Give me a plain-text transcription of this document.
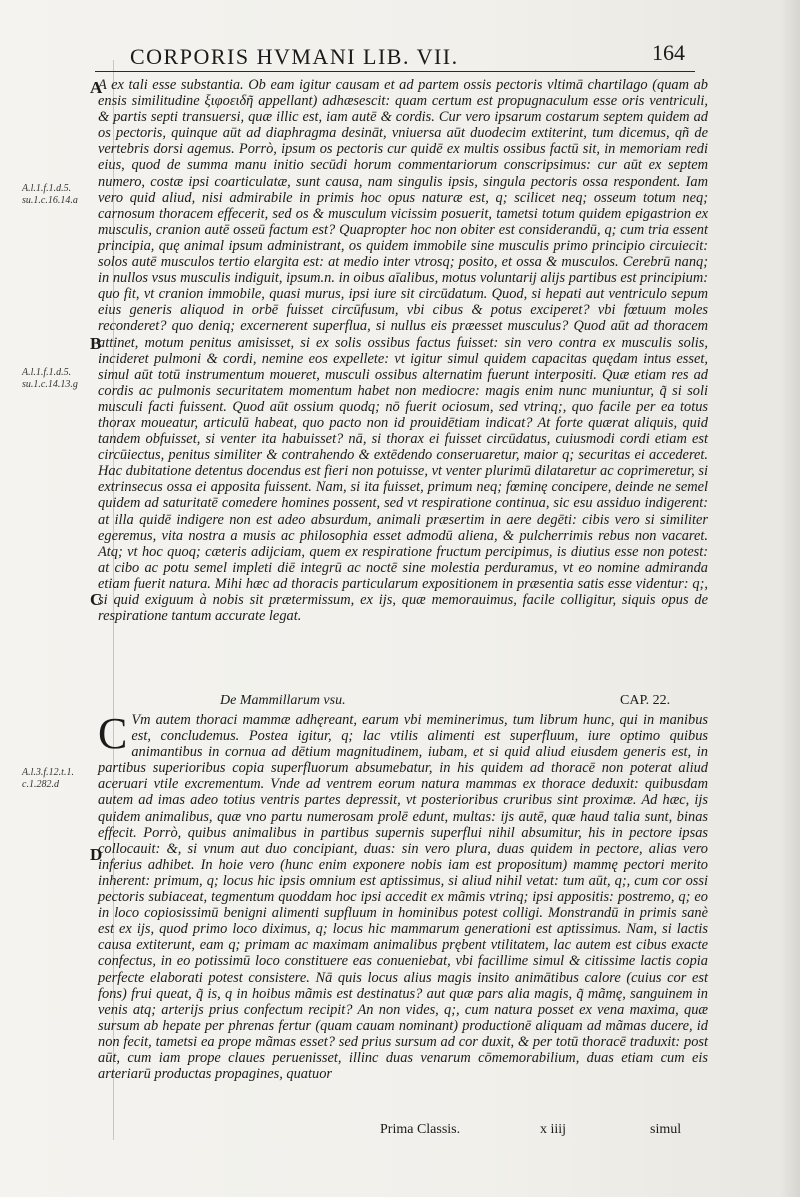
CORPORIS HVMANI LIB. VII.	164
A
B
C
D
A.l.1.f.1.d.5. su.1.c.16.14.a
A.l.1.f.1.d.5. su.1.c.14.13.g
A.l.3.f.12.t.1. c.1.282.d

A ex tali esse substantia. Ob eam igitur causam et ad partem ossis pectoris vltimā chartilago (quam ab ensis similitudine ξιφοειδῆ appellant) adhæsescit: quam certum est propugnaculum esse oris ventriculi, & partis septi transuersi, quæ illic est, iam autē & cordis. Cur vero ipsarum costarum septem quidem ad os pectoris, quinque aūt ad diaphragma desināt, vniuersa aūt duodecim extiterint, tum dicemus, qñ de vertebris dorsi agemus. Porrò, ipsum os pectoris cur quidē ex multis ossibus factū sit, in memoriam redi eius, quod de summa manu initio secūdi horum commentariorum conscripsimus: cur aūt ex septem numero, costæ ipsi coarticulatæ, sunt causa, nam singulis ipsis, singula pectoris ossa respondent. Iam vero quid aliud, nisi admirabile in primis hoc opus naturæ est, q; scilicet neq; osseum totum neq; carnosum thoracem effecerit, sed os & musculum vicissim posuerit, tametsi totum quidem epigastrion ex musculis, cranion autē osseū factum est? Quapropter hoc non obiter est considerandū, q; cum tria essent principia, quę animal ipsum administrant, os quidem immobile sine musculis primo principio circuiecit: solos autē musculos tertio elargita est: at medio inter vtrosq; posito, et ossa & musculos. Cerebrū nanq; in nullos vsus musculis indiguit, ipsum.n. in oibus aīalibus, motus voluntarij alijs partibus est principium: quo fit, vt cranion immobile, quasi murus, ipsi iure sit circūdatum. Quod, si hepati aut ventriculo sepum eius generis aliquod in orbē fuisset circūfusum, vbi cibus & potus exciperet? vbi fœtuum moles reconderet? quo deniq; excernerent superflua, si nullus eis præesset musculus? Quod aūt ad thoracem attinet, motum penitus amisisset, si ex solis ossibus factus fuisset: sin vero contra ex musculis solis, incideret pulmoni & cordi, nemine eos expellete: vt igitur simul quidem capacitas quędam intus esset, simul aūt totū instrumentum moueret, musculi ossibus alternatim fuerunt interpositi. Quæ etiam res ad cordis ac pulmonis securitatem momentum habet non mediocre: magis enim nunc muniuntur, q̃ si soli musculi facti fuissent. Quod aūt ossium quodq; nō fuerit ociosum, sed vtrinq;, quo facile per ea totus thorax moueatur, articulū habeat, quo pacto non id prouidētiam indicat? At forte quærat aliquis, quid tandem obfuisset, si venter ita habuisset? nā, si thorax ei fuisset circūdatus, cuiusmodi cordi etiam est circūiectus, penitus similiter & contrahendo & extēdendo conseruaretur, maior q; securitas ei accederet. Hac dubitatione detentus docendus est fieri non potuisse, vt venter plurimū dilataretur ac coprimeretur, si extrinsecus ossa ei apposita fuissent. Nam, si ita fuisset, primum neq; fœminę concipere, deinde ne semel quidem ad saturitatē comedere homines possent, sed vt respiratione continua, sic esu assiduo indigerent: at illa quidē indigere non est adeo absurdum, animali præsertim in aere degēti: cibis vero si similiter egeremus, vita nostra a musis ac philosophia esset admodū aliena, & pulcherrimis rebus non vacaret. Atq; vt hoc quoq; cæteris adijciam, quem ex respiratione fructum percipimus, is diutius esse non potest: at cibo ac potu semel impleti diē integrū ac noctē sine molestia perduramus, vt eo nomine admiranda etiam fuerit natura. Mihi hæc ad thoracis particularum expositionem in præsentia satis esse videntur: q;, si quid exiguum à nobis sit prætermissum, ex ijs, quæ memorauimus, facile colligitur, siquis opus de respiratione tantum accurate legat.

De Mammillarum vsu.	CAP. 22.
C Vm autem thoraci mammæ adhęreant, earum vbi meminerimus, tum librum hunc, qui in manibus est, concludemus. Postea igitur, q; lac vtilis alimenti est superfluum, iure optimo quibus animantibus in cornua ad dētium magnitudinem, iubam, et si quid aliud eiusdem generis est, in partibus superioribus copia superfluorum absumebatur, in his quidem ad thoracē non poterat aliud aceruari vtile excrementum. Vnde ad ventrem eorum natura mammas ex thorace deduxit: quibusdam autem ad imas adeo totius ventris partes depressit, vt posterioribus cruribus sint proximæ. Ad hæc, ijs quidem animalibus, quæ vno partu numerosam prolē edunt, multas: ijs autē, quæ haud talia sunt, binas effecit. Porrò, quibus animalibus in partibus supernis superflui nihil absumitur, his in pectore ipsas collocauit: &, si vnum aut duo concipiant, duas: sin vero plura, duas quidem in pectore, alias vero inferius adhibet. In hoie vero (hunc enim exponere nobis iam est propositum) mammę pectori merito inherent: primum, q; locus hic ipsis omnium est aptissimus, si aliud nihil vetat: tum aūt, q;, cum cor ossi pectoris subiaceat, tegmentum quoddam hoc ipsi accedit ex mãmis vtrinq; ipsi appositis: postremo, q; eo in loco copiosissimū benigni alimenti supfluum in hominibus potest colligi. Monstrandū in primis sanè est ex ijs, quod primo loco diximus, q; locus hic mammarum generationi est aptissimus. Nam, si lactis causa extiterunt, eam q; primam ac maximam animalibus prębent vtilitatem, lac autem est cibus exacte confectus, in eo potissimū loco constituere eas conueniebat, vbi facillime simul & citissime lactis copia perfecte elaborati potest consistere. Nā quis locus alius magis insito animātibus calore (cuius cor est fons) frui queat, q̃ is, q in hoibus mãmis est destinatus? aut quæ pars alia magis, q̃ mãmę, sanguinem in venis atq; arterijs prius confectum recipit? An non vides, q;, cum natura posset ex vena maxima, quæ sursum ab hepate per phrenas fertur (quam cauam nominant) productionē aliquam ad mãmas ducere, id non fecit, tametsi ea prope mãmas esset? sed prius sursum ad cor duxit, & per totū thoracē traduxit: post aūt, cum iam prope claues peruenisset, illinc duas venarum cōmemorabilium, duas etiam cum eis arteriarū productas propagines, quatuor
Prima Classis.	x iiij	simul
